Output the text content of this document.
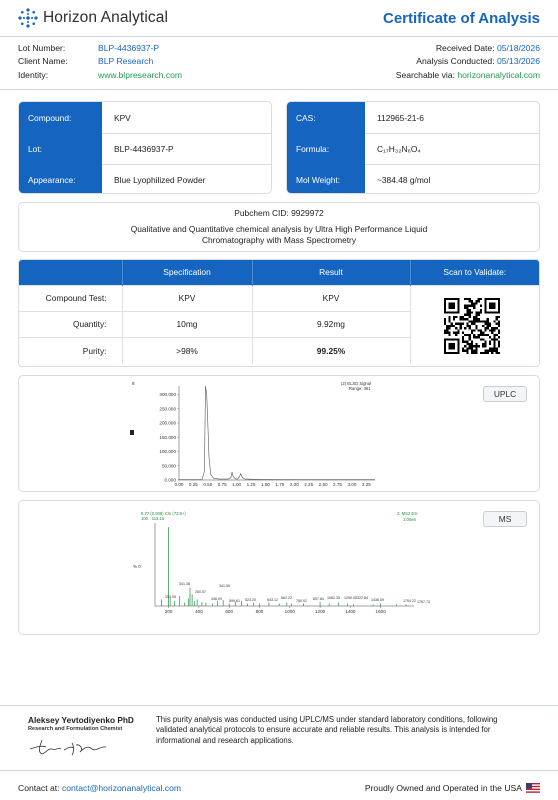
Horizon Analytical	Certificate of Analysis
Lot Number:	BLP-4436937-P
Client Name:	BLP Research
Identity:	www.blpresearch.com
Received Date: 05/18/2026
Analysis Conducted: 05/13/2026
Searchable via: horizonanalytical.com
Compound:	KPV
Lot:	BLP-4436937-P
Appearance:	Blue Lyophilized Powder
CAS:	112965-21-6
Formula:	C₁₇H₃₂N₆O₄
Mol Weight:	~384.48 g/mol
Pubchem CID: 9929972
Qualitative and Quantitative chemical analysis by Ultra High Performance Liquid
Chromatography with Mass Spectrometry
	Specification	Result	Scan to Validate:
Compound Test:	KPV	KPV	
Quantity:	10mg	9.92mg	
Purity:	>98%	99.25%	
UPLC
8	(2) ELSD Signal
Range: 361
0.000
50.000
100.000
150.000
200.000
250.000
300.000
0.00 0.25 0.50 0.75 1.00 1.25 1.50 1.75 2.00 2.25 2.50 2.75 3.00 3.25
MS
8.77 (0.938) Cm (73:8+)
100 · 113.15
2: MS2 ES-
1.00e6
% 0
200	400	600	800	1000	1200	1400	1600
341.38
260.57
341.55
153.05	446.09	523.20
599.61	643.12 662.22
780.02 807.84 1062.35 1290.07
1322.84 1436.09	1704.22 1767.73
Aleksey Yevtodiyenko PhD
Research and Formulation Chemist
This purity analysis was conducted using UPLC/MS under standard laboratory conditions, following validated analytical protocols to ensure accurate and reliable results. This analysis is intended for informational and research applications.
Contact at: contact@horizonanalytical.com	Proudly Owned and Operated in the USA
